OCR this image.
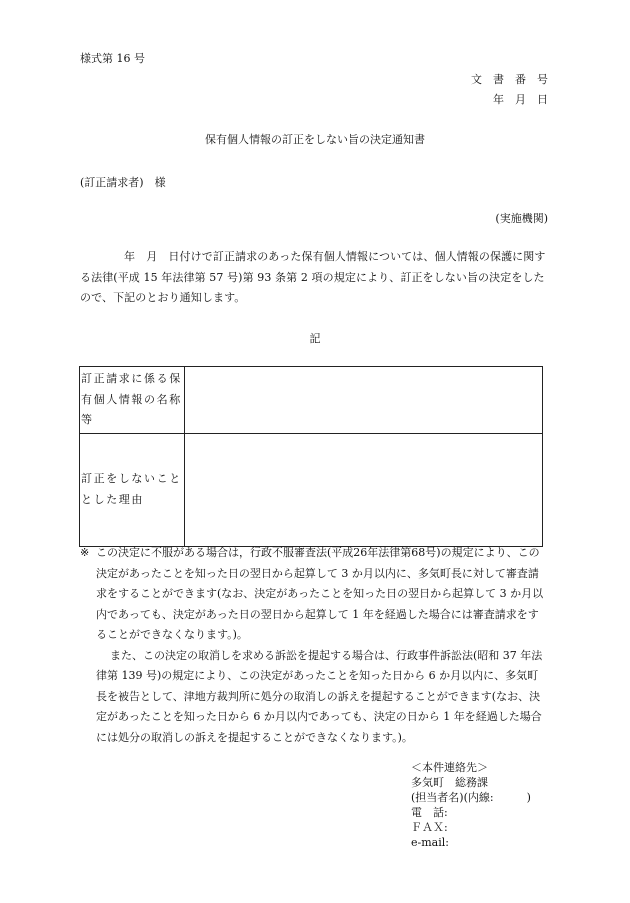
様式第 16 号
文　書　番　号
年　月　日
保有個人情報の訂正をしない旨の決定通知書
(訂正請求者)　様
(実施機関)
年　月　日付けで訂正請求のあった保有個人情報については、個人情報の保護に関する法律(平成 15 年法律第 57 号)第 93 条第 2 項の規定により、訂正をしない旨の決定をしたので、下記のとおり通知します。
記
訂正請求に係る保有個人情報の名称等	
訂正をしないこととした理由	
※ この決定に不服がある場合は，行政不服審査法(平成26年法律第68号)の規定により、この決定があったことを知った日の翌日から起算して 3 か月以内に、多気町長に対して審査請求をすることができます(なお、決定があったことを知った日の翌日から起算して 3 か月以内であっても、決定があった日の翌日から起算して 1 年を経過した場合には審査請求をすることができなくなります。)。
また、この決定の取消しを求める訴訟を提起する場合は、行政事件訴訟法(昭和 37 年法律第 139 号)の規定により、この決定があったことを知った日から 6 か月以内に、多気町長を被告として、津地方裁判所に処分の取消しの訴えを提起することができます(なお、決定があったことを知った日から 6 か月以内であっても、決定の日から 1 年を経過した場合には処分の取消しの訴えを提起することができなくなります。)。
＜本件連絡先＞
多気町　総務課
(担当者名)(内線:　　　)
電　話:
ＦＡＸ:
e-mail:
